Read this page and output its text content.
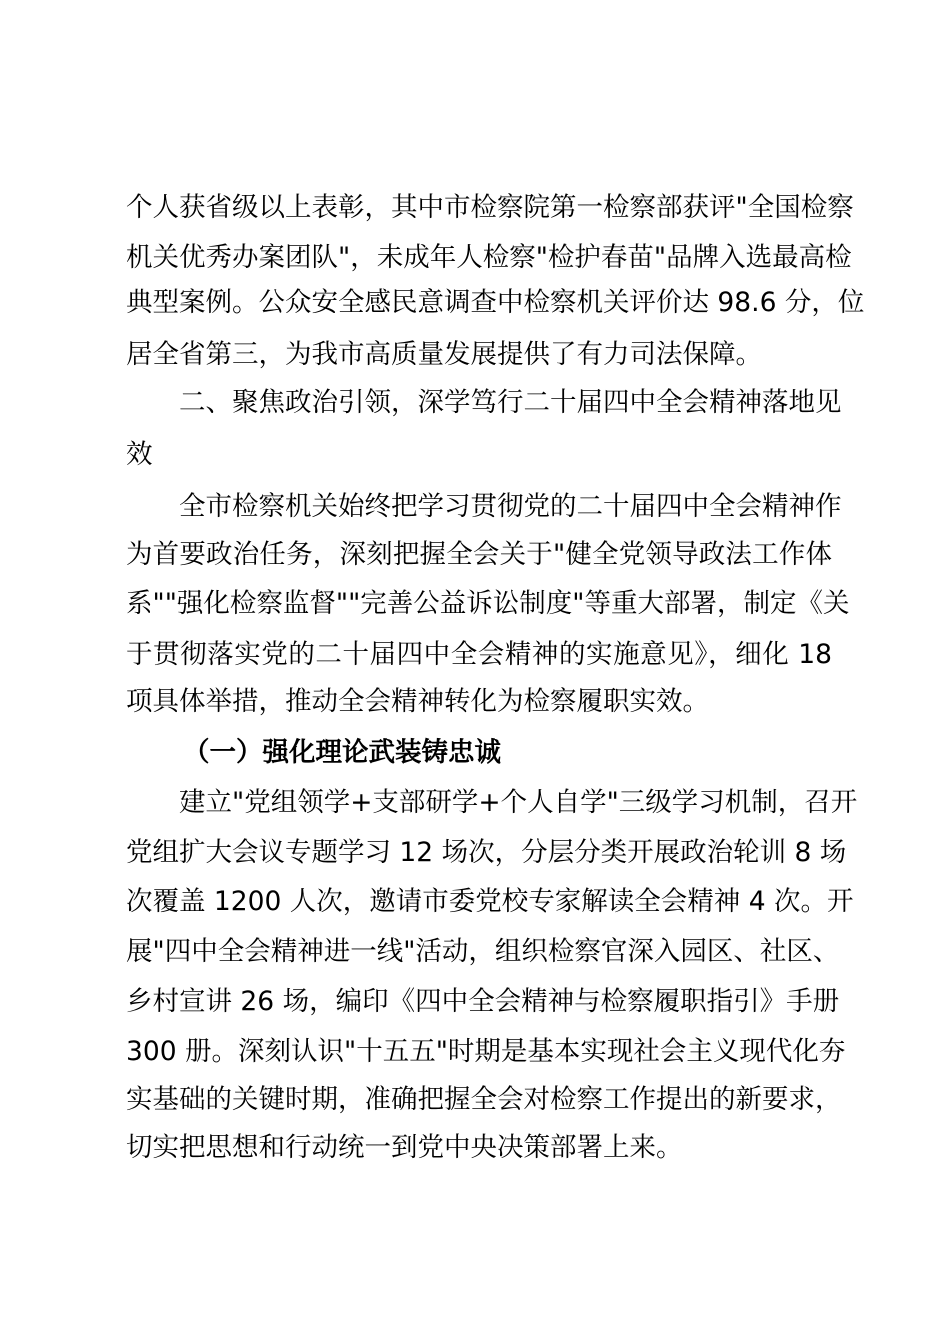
个人获省级以上表彰，其中市检察院第一检察部获评"全国检察
机关优秀办案团队"，未成年人检察"检护春苗"品牌入选最高检
典型案例。公众安全感民意调查中检察机关评价达 98.6 分，位
居全省第三，为我市高质量发展提供了有力司法保障。
二、聚焦政治引领，深学笃行二十届四中全会精神落地见
效
全市检察机关始终把学习贯彻党的二十届四中全会精神作
为首要政治任务，深刻把握全会关于"健全党领导政法工作体
系""强化检察监督""完善公益诉讼制度"等重大部署，制定《关
于贯彻落实党的二十届四中全会精神的实施意见》，细化 18
项具体举措，推动全会精神转化为检察履职实效。
（一）强化理论武装铸忠诚
建立"党组领学+支部研学+个人自学"三级学习机制，召开
党组扩大会议专题学习 12 场次，分层分类开展政治轮训 8 场
次覆盖 1200 人次，邀请市委党校专家解读全会精神 4 次。开
展"四中全会精神进一线"活动，组织检察官深入园区、社区、
乡村宣讲 26 场，编印《四中全会精神与检察履职指引》手册
300 册。深刻认识"十五五"时期是基本实现社会主义现代化夯
实基础的关键时期，准确把握全会对检察工作提出的新要求，
切实把思想和行动统一到党中央决策部署上来。
